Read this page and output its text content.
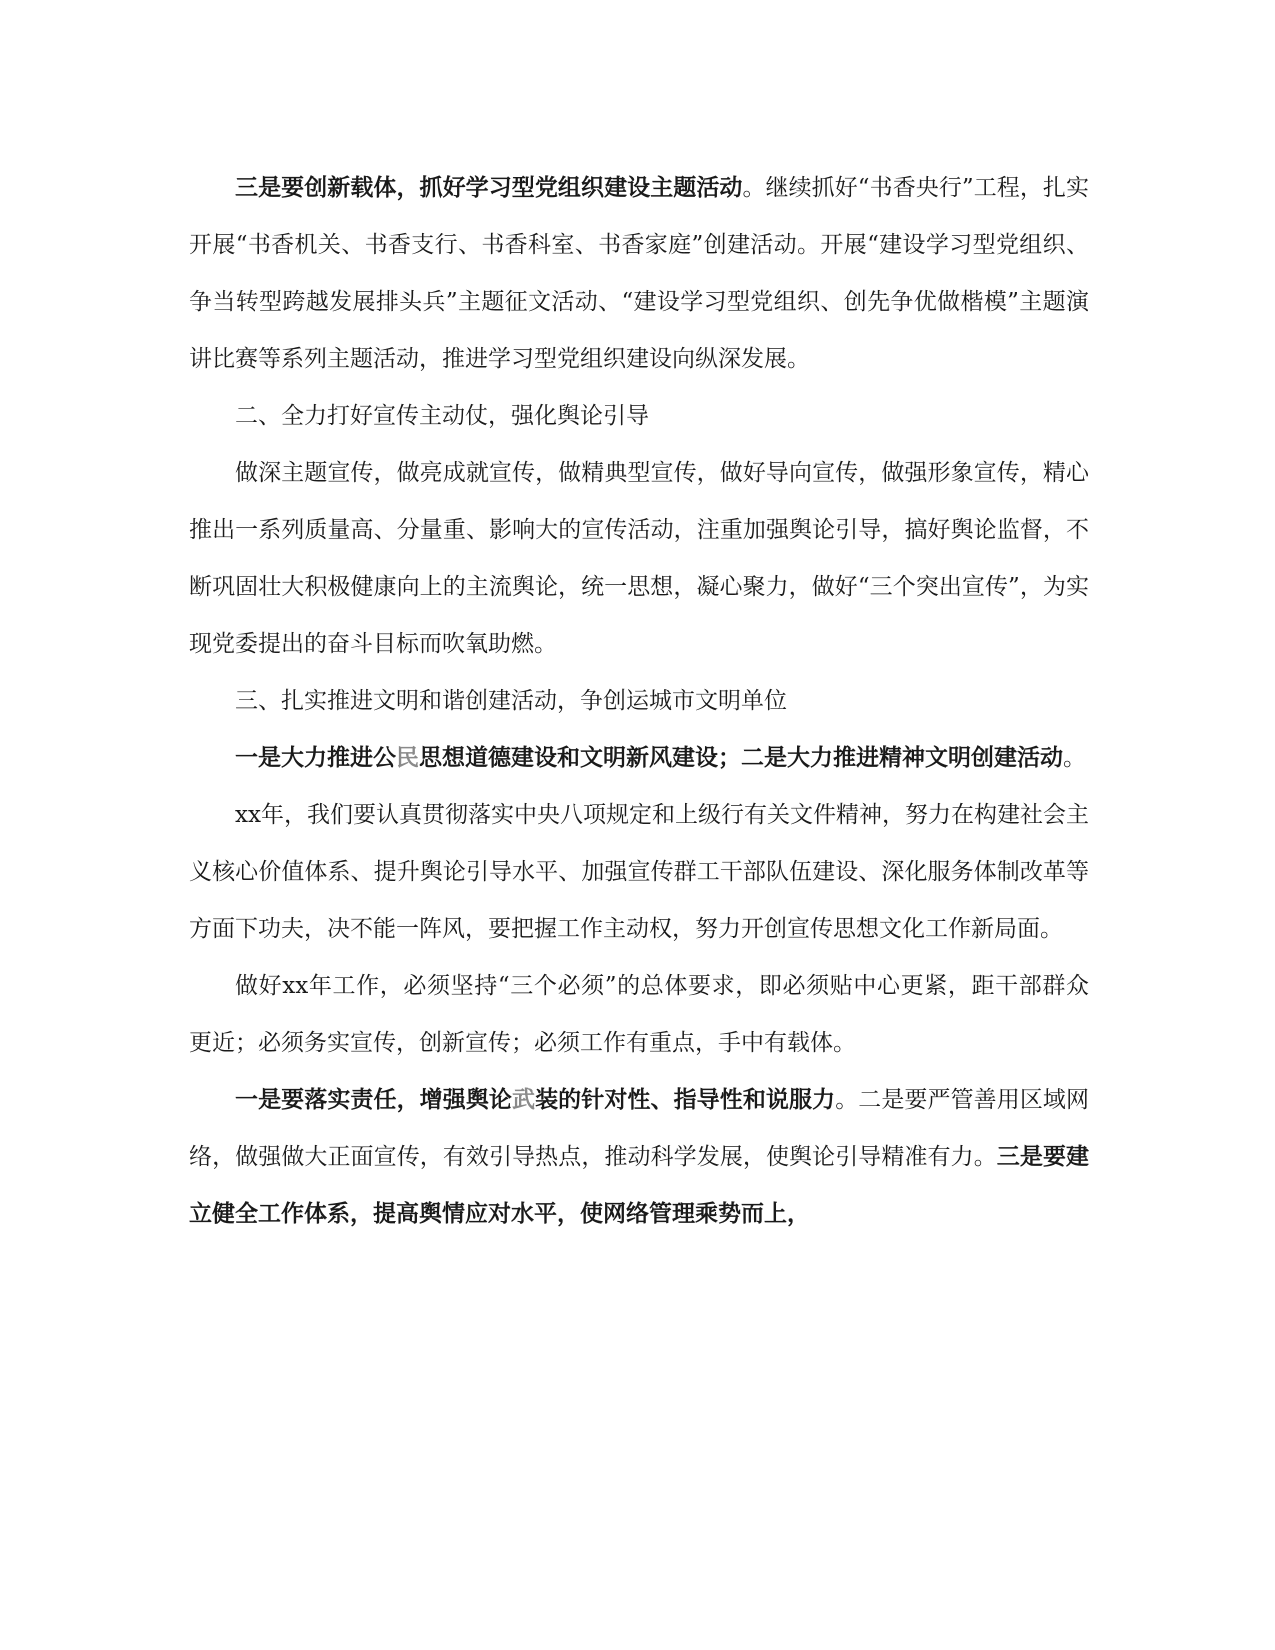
三是要创新载体，抓好学习型党组织建设主题活动。继续抓好“书香央行”工程，扎实开展“书香机关、书香支行、书香科室、书香家庭”创建活动。开展“建设学习型党组织、争当转型跨越发展排头兵”主题征文活动、“建设学习型党组织、创先争优做楷模”主题演讲比赛等系列主题活动，推进学习型党组织建设向纵深发展。

二、全力打好宣传主动仗，强化舆论引导

做深主题宣传，做亮成就宣传，做精典型宣传，做好导向宣传，做强形象宣传，精心推出一系列质量高、分量重、影响大的宣传活动，注重加强舆论引导，搞好舆论监督，不断巩固壮大积极健康向上的主流舆论，统一思想，凝心聚力，做好“三个突出宣传”，为实现党委提出的奋斗目标而吹氧助燃。

三、扎实推进文明和谐创建活动，争创运城市文明单位

一是大力推进公民思想道德建设和文明新风建设；二是大力推进精神文明创建活动。

xx年，我们要认真贯彻落实中央八项规定和上级行有关文件精神，努力在构建社会主义核心价值体系、提升舆论引导水平、加强宣传群工干部队伍建设、深化服务体制改革等方面下功夫，决不能一阵风，要把握工作主动权，努力开创宣传思想文化工作新局面。

做好xx年工作，必须坚持“三个必须”的总体要求，即必须贴中心更紧，距干部群众更近；必须务实宣传，创新宣传；必须工作有重点，手中有载体。

一是要落实责任，增强舆论武装的针对性、指导性和说服力。二是要严管善用区域网络，做强做大正面宣传，有效引导热点，推动科学发展，使舆论引导精准有力。三是要建立健全工作体系，提高舆情应对水平，使网络管理乘势而上，
